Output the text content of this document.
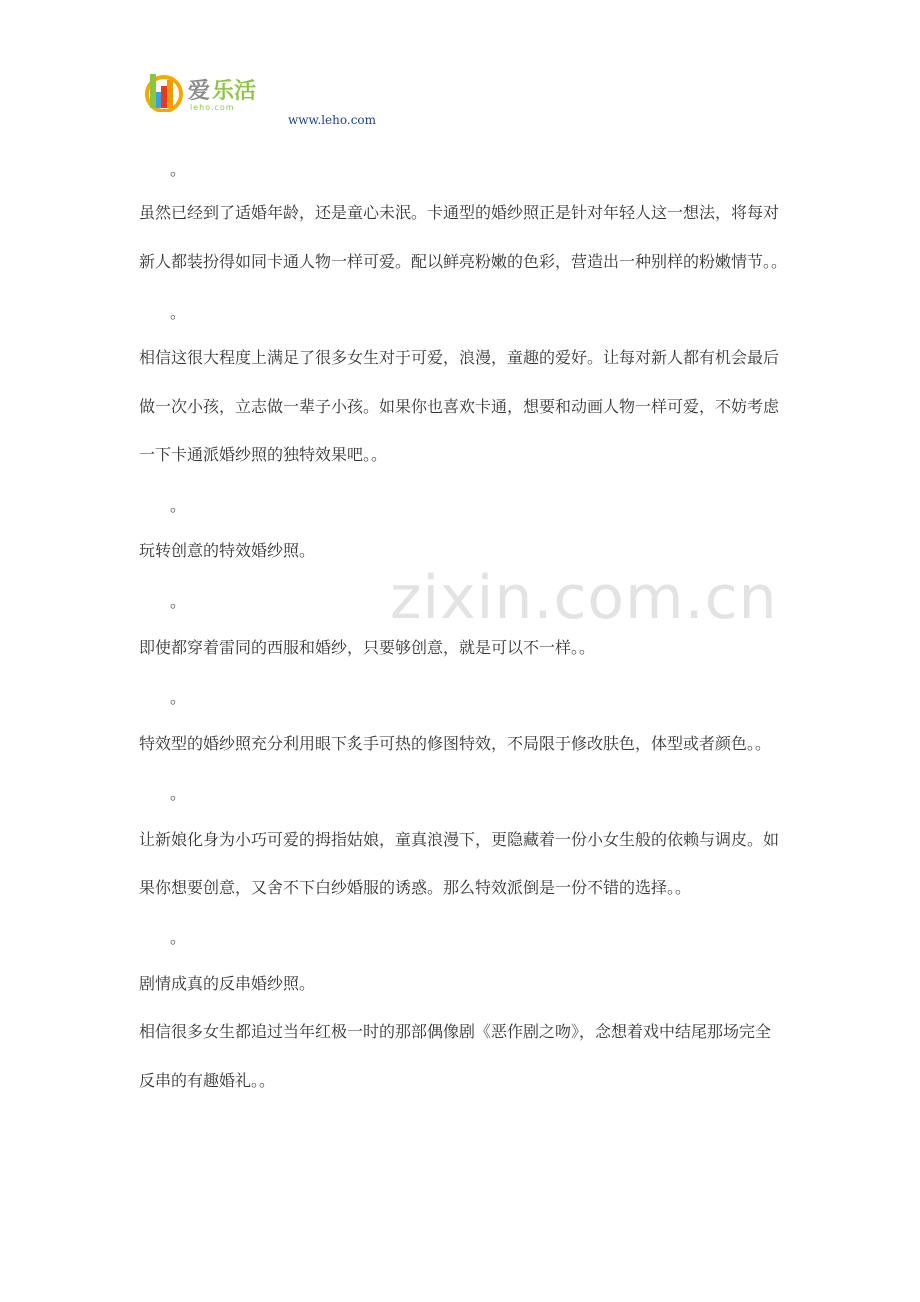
爱 乐活
leho.com
www.leho.com
zixin.com.cn
。
虽然已经到了适婚年龄，还是童心未泯。卡通型的婚纱照正是针对年轻人这一想法，将每对
新人都装扮得如同卡通人物一样可爱。配以鲜亮粉嫩的色彩，营造出一种别样的粉嫩情节。。
。
相信这很大程度上满足了很多女生对于可爱，浪漫，童趣的爱好。让每对新人都有机会最后
做一次小孩，立志做一辈子小孩。如果你也喜欢卡通，想要和动画人物一样可爱，不妨考虑
一下卡通派婚纱照的独特效果吧。。
。
玩转创意的特效婚纱照。
。
即使都穿着雷同的西服和婚纱，只要够创意，就是可以不一样。。
。
特效型的婚纱照充分利用眼下炙手可热的修图特效，不局限于修改肤色，体型或者颜色。。
。
让新娘化身为小巧可爱的拇指姑娘，童真浪漫下，更隐藏着一份小女生般的依赖与调皮。如
果你想要创意，又舍不下白纱婚服的诱惑。那么特效派倒是一份不错的选择。。
。
剧情成真的反串婚纱照。
相信很多女生都追过当年红极一时的那部偶像剧《恶作剧之吻》，念想着戏中结尾那场完全
反串的有趣婚礼。。
